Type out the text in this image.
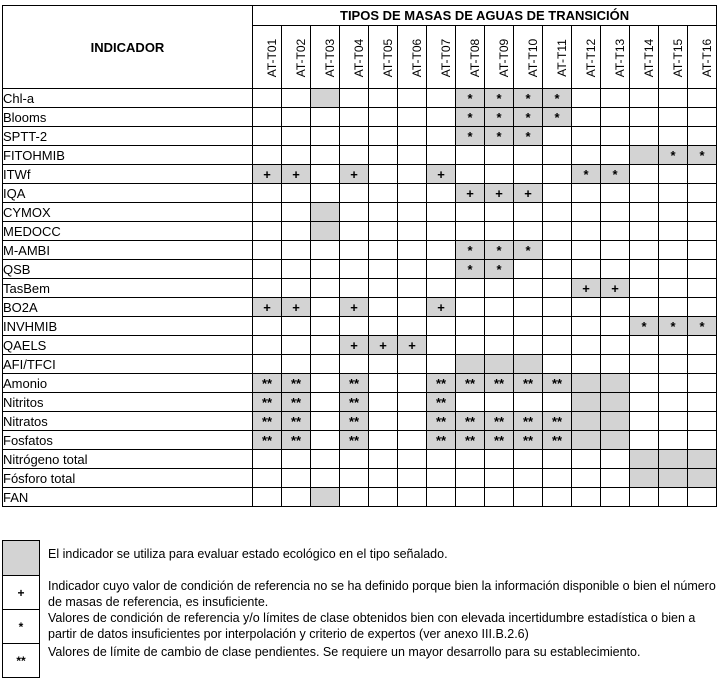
INDICADOR	TIPOS DE MASAS DE AGUAS DE TRANSICIÓN															
	AT-T01	AT-T02	AT-T03	AT-T04	AT-T05	AT-T06	AT-T07	AT-T08	AT-T09	AT-T10	AT-T11	AT-T12	AT-T13	AT-T14	AT-T15	AT-T16
Chl-a								*	*	*	*					
Blooms								*	*	*	*					
SPTT-2								*	*	*						
FITOHMIB															*	*
ITWf	+	+		+			+					*	*			
IQA								+	+	+						
CYMOX																
MEDOCC																
M-AMBI								*	*	*						
QSB								*	*							
TasBem												+	+			
BO2A	+	+		+			+									
INVHMIB														*	*	*
QAELS				+	+	+										
AFI/TFCI																
Amonio	**	**		**			**	**	**	**	**					
Nitritos	**	**		**			**									
Nitratos	**	**		**			**	**	**	**	**					
Fosfatos	**	**		**			**	**	**	**	**					
Nitrógeno total																
Fósforo total																
FAN																
El indicador se utiliza para evaluar estado ecológico en el tipo señalado.
+	Indicador cuyo valor de condición de referencia no se ha definido porque bien la información disponible o bien el número de masas de referencia, es insuficiente.
*
Valores de condición de referencia y/o límites de clase obtenidos bien con elevada incertidumbre estadística o bien a partir de datos insuficientes por interpolación y criterio de expertos (ver anexo III.B.2.6)
**
Valores de límite de cambio de clase pendientes. Se requiere un mayor desarrollo para su establecimiento.
